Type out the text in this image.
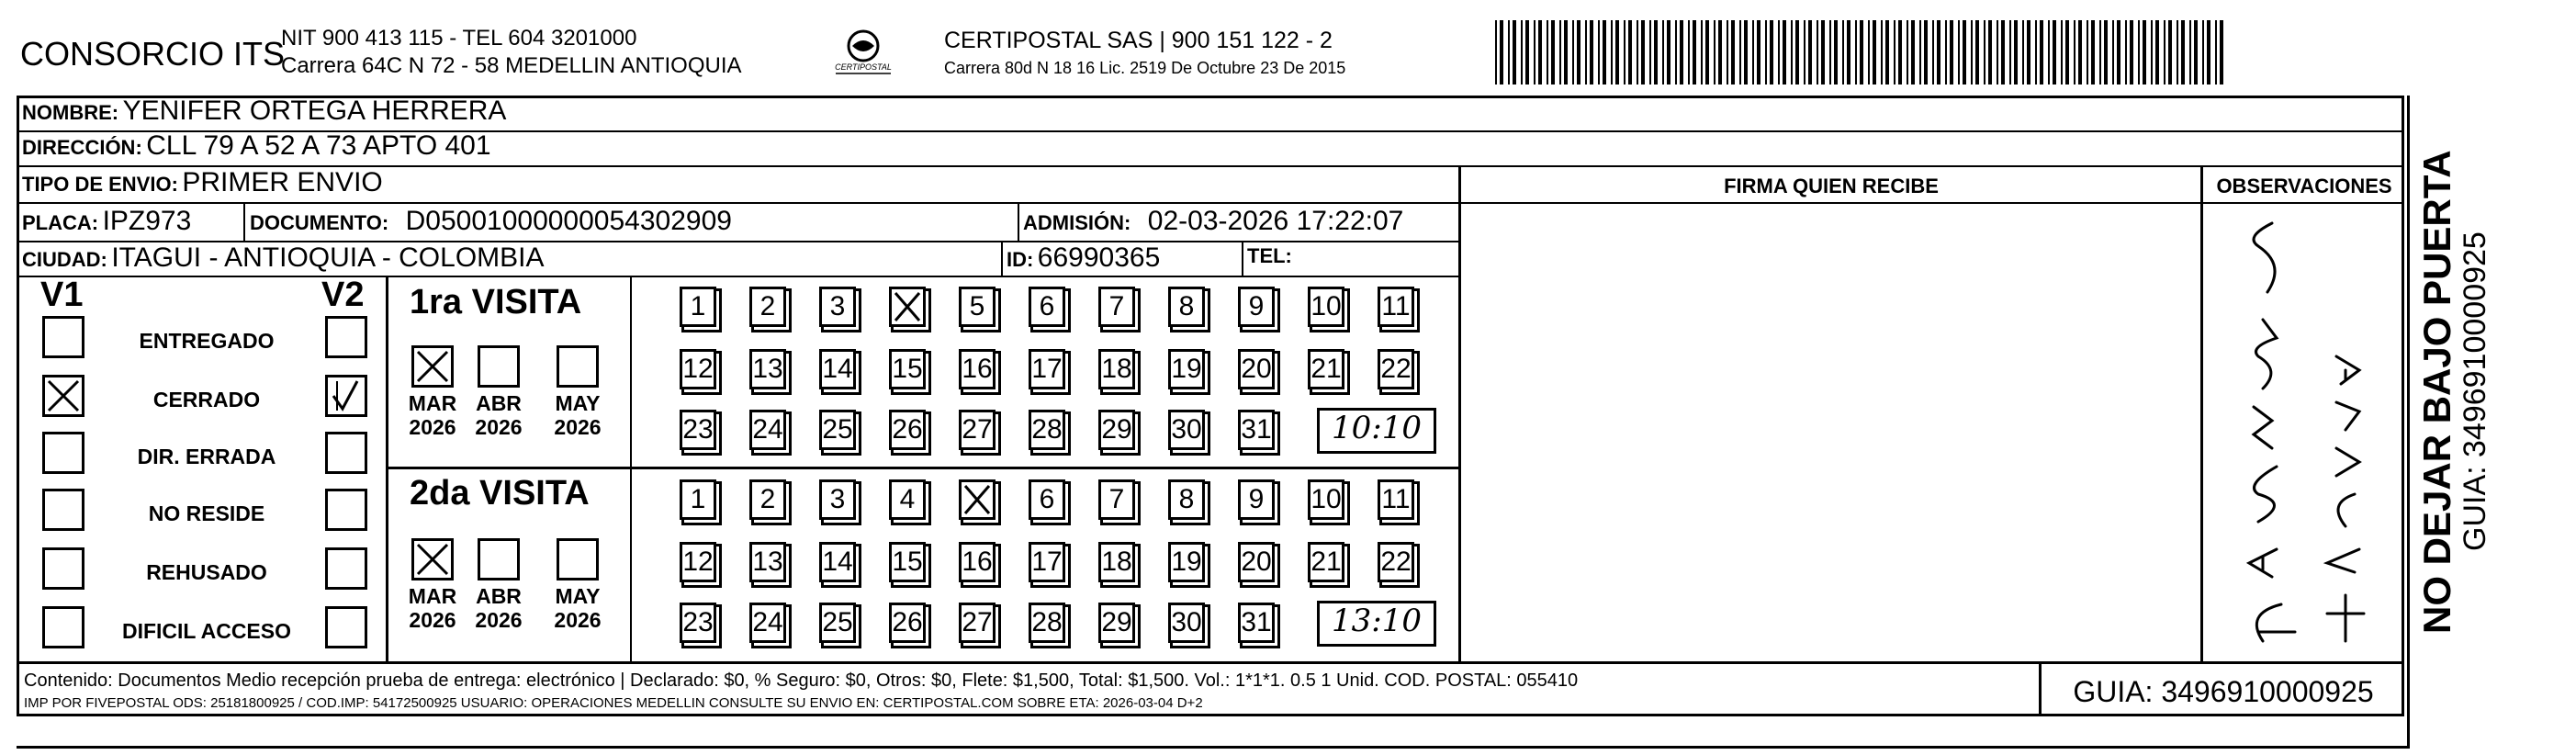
CONSORCIO ITS
NIT 900 413 115 - TEL 604 3201000
Carrera 64C N 72 - 58 MEDELLIN ANTIOQUIA	CERTIPOSTAL
CERTIPOSTAL SAS | 900 151 122 - 2
Carrera 80d N 18 16 Lic. 2519 De Octubre 23 De 2015
NOMBRE: YENIFER ORTEGA HERRERA
DIRECCIÓN: CLL 79 A 52 A 73 APTO 401
TIPO DE ENVIO: PRIMER ENVIO	FIRMA QUIEN RECIBE	OBSERVACIONES
PLACA: IPZ973	DOCUMENTO: D05001000000054302909	ADMISIÓN: 02-03-2026 17:22:07
CIUDAD: ITAGUI - ANTIOQUIA - COLOMBIA	ID: 66990365	TEL:
V1	V2
ENTREGADO
CERRADO
DIR. ERRADA
NO RESIDE
REHUSADO
DIFICIL ACCESO
1ra VISITA
2da VISITA
MAR
2026
ABR
2026
MAY
2026
1	2	3	5	6	7	8	9	10 11
12 13 14 15 16 17 18 19 20 21 22
23 24 25 26 27 28 29 30 31	10:10
MAR
2026
ABR
2026
MAY
2026
1	2	3	4	6	7	8	9	10 11
12 13 14 15 16 17 18 19 20 21 22
23 24 25 26 27 28 29 30 31	13:10
Contenido: Documentos Medio recepción prueba de entrega: electrónico | Declarado: $0, % Seguro: $0, Otros: $0, Flete: $1,500, Total: $1,500. Vol.: 1*1*1. 0.5 1 Unid. COD. POSTAL: 055410
IMP POR FIVEPOSTAL ODS: 25181800925 / COD.IMP: 54172500925 USUARIO: OPERACIONES MEDELLIN CONSULTE SU ENVIO EN: CERTIPOSTAL.COM SOBRE ETA: 2026-03-04 D+2	GUIA: 3496910000925
NO DEJAR BAJO PUERTA GUIA: 3496910000925
